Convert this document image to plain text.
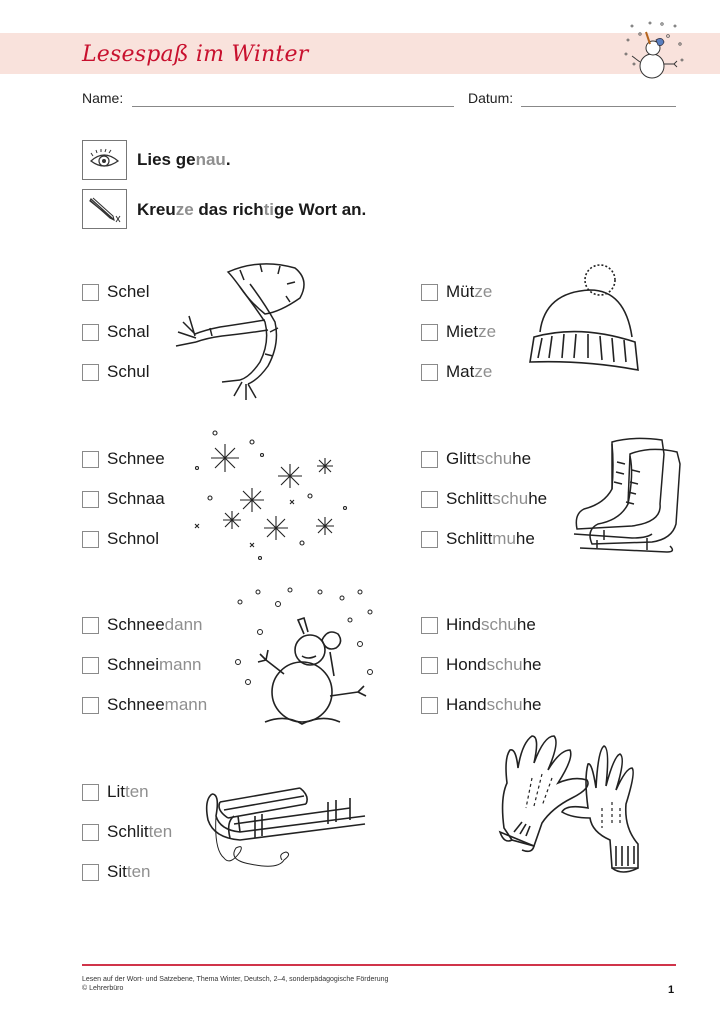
Lesespaß im Winter
Name:	Datum:
Lies genau.
Kreuze das richtige Wort an.
Schel
Schal
Schul
Mütze
Mietze
Matze
Schnee
Schnaa
Schnol
Glittschuhe
Schlittschuhe
Schlittmuhe
Schneedann
Schneimann
Schneemann
Hindschuhe
Hondschuhe
Handschuhe
Litten
Schlitten
Sitten
Lesen auf der Wort- und Satzebene, Thema Winter, Deutsch, 2–4, sonderpädagogische Förderung
© Lehrerbüro	1
